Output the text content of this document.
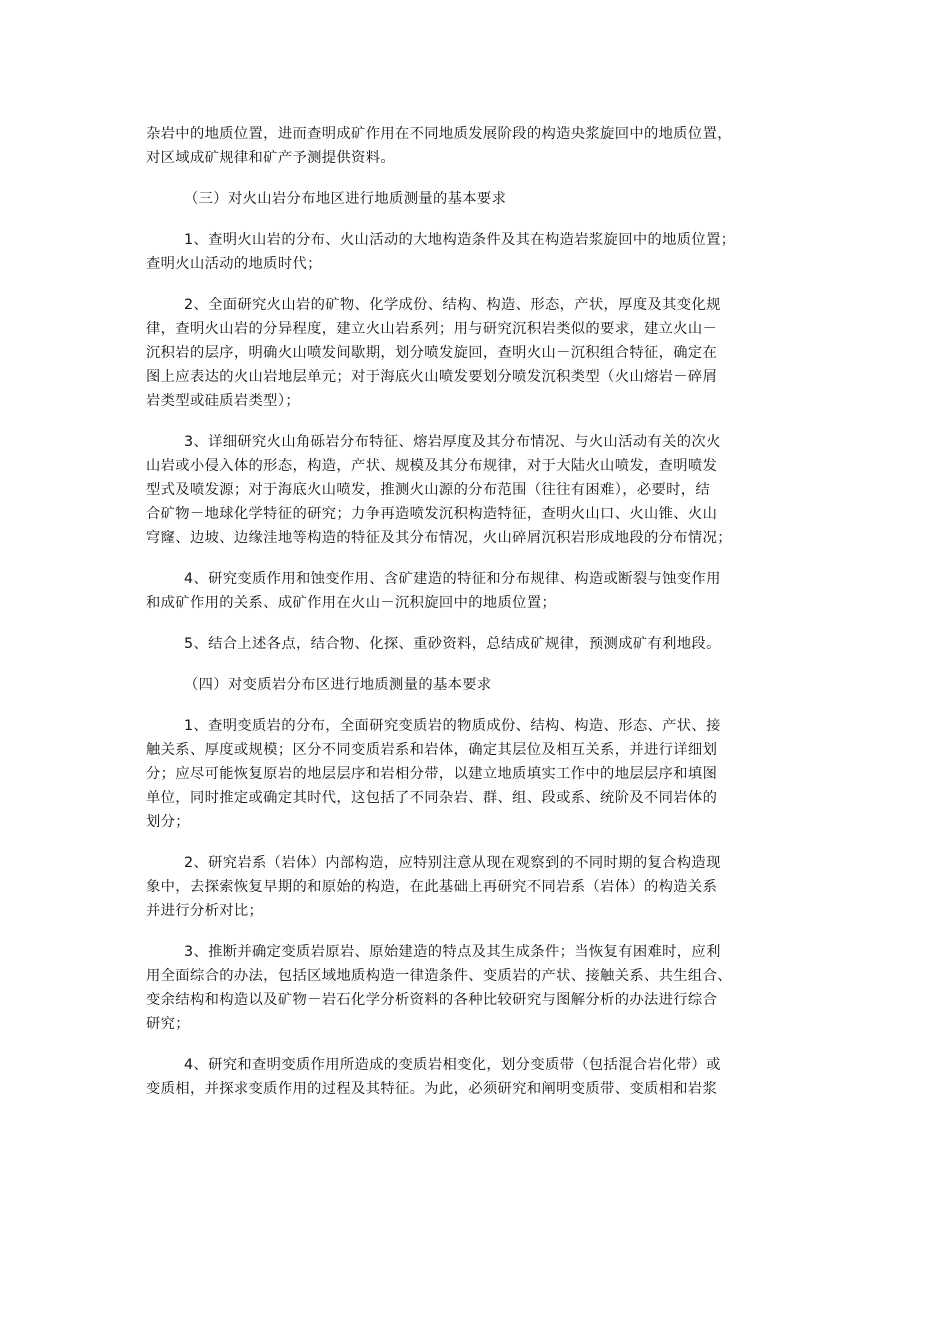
杂岩中的地质位置，进而查明成矿作用在不同地质发展阶段的构造央浆旋回中的地质位置，
对区域成矿规律和矿产予测提供资料。

（三）对火山岩分布地区进行地质测量的基本要求

1、查明火山岩的分布、火山活动的大地构造条件及其在构造岩浆旋回中的地质位置；
查明火山活动的地质时代；

2、全面研究火山岩的矿物、化学成份、结构、构造、形态，产状，厚度及其变化规
律，查明火山岩的分异程度，建立火山岩系列；用与研究沉积岩类似的要求，建立火山－
沉积岩的层序，明确火山喷发间歇期，划分喷发旋回，查明火山－沉积组合特征，确定在
图上应表达的火山岩地层单元；对于海底火山喷发要划分喷发沉积类型（火山熔岩－碎屑
岩类型或硅质岩类型）；

3、详细研究火山角砾岩分布特征、熔岩厚度及其分布情况、与火山活动有关的次火
山岩或小侵入体的形态，构造，产状、规模及其分布规律，对于大陆火山喷发，查明喷发
型式及喷发源；对于海底火山喷发，推测火山源的分布范围（往往有困难），必要时，结
合矿物－地球化学特征的研究；力争再造喷发沉积构造特征，查明火山口、火山锥、火山
穹窿、边坡、边缘洼地等构造的特征及其分布情况，火山碎屑沉积岩形成地段的分布情况；

4、研究变质作用和蚀变作用、含矿建造的特征和分布规律、构造或断裂与蚀变作用
和成矿作用的关系、成矿作用在火山－沉积旋回中的地质位置；

5、结合上述各点，结合物、化探、重砂资料，总结成矿规律，预测成矿有利地段。

（四）对变质岩分布区进行地质测量的基本要求

1、查明变质岩的分布，全面研究变质岩的物质成份、结构、构造、形态、产状、接
触关系、厚度或规模；区分不同变质岩系和岩体，确定其层位及相互关系，并进行详细划
分；应尽可能恢复原岩的地层层序和岩相分带，以建立地质填实工作中的地层层序和填图
单位，同时推定或确定其时代，这包括了不同杂岩、群、组、段或系、统阶及不同岩体的
划分；

2、研究岩系（岩体）内部构造，应特别注意从现在观察到的不同时期的复合构造现
象中，去探索恢复早期的和原始的构造，在此基础上再研究不同岩系（岩体）的构造关系
并进行分析对比；

3、推断并确定变质岩原岩、原始建造的特点及其生成条件；当恢复有困难时，应利
用全面综合的办法，包括区域地质构造一律造条件、变质岩的产状、接触关系、共生组合、
变余结构和构造以及矿物－岩石化学分析资料的各种比较研究与图解分析的办法进行综合
研究；

4、研究和查明变质作用所造成的变质岩相变化，划分变质带（包括混合岩化带）或
变质相，并探求变质作用的过程及其特征。为此，必须研究和阐明变质带、变质相和岩浆
